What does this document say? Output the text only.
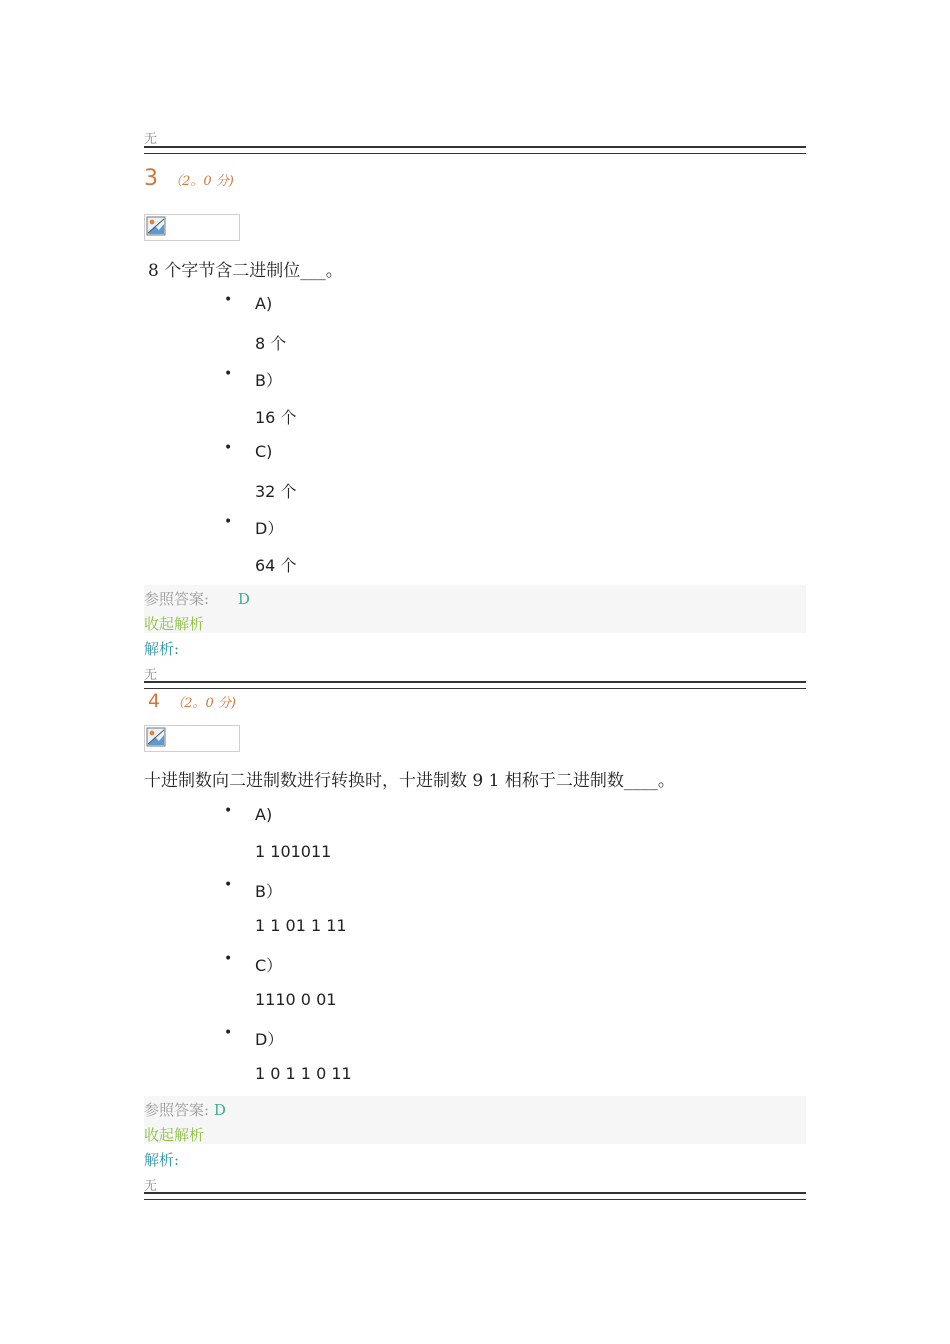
无
3 （2。0 分)
8 个字节含二进制位___。
• A)
8 个
• B）
16 个
• C)
32 个
• D）
64 个
参照答案: D
收起解析
解析:
无
4 （2。0 分)
十进制数向二进制数进行转换时，十进制数 9 1 相称于二进制数____。
• A)
1 101011
• B）
1 1 01 1 11
• C）
1110 0 01
• D）
1 0 1 1 0 11
参照答案: D
收起解析
解析:
无
